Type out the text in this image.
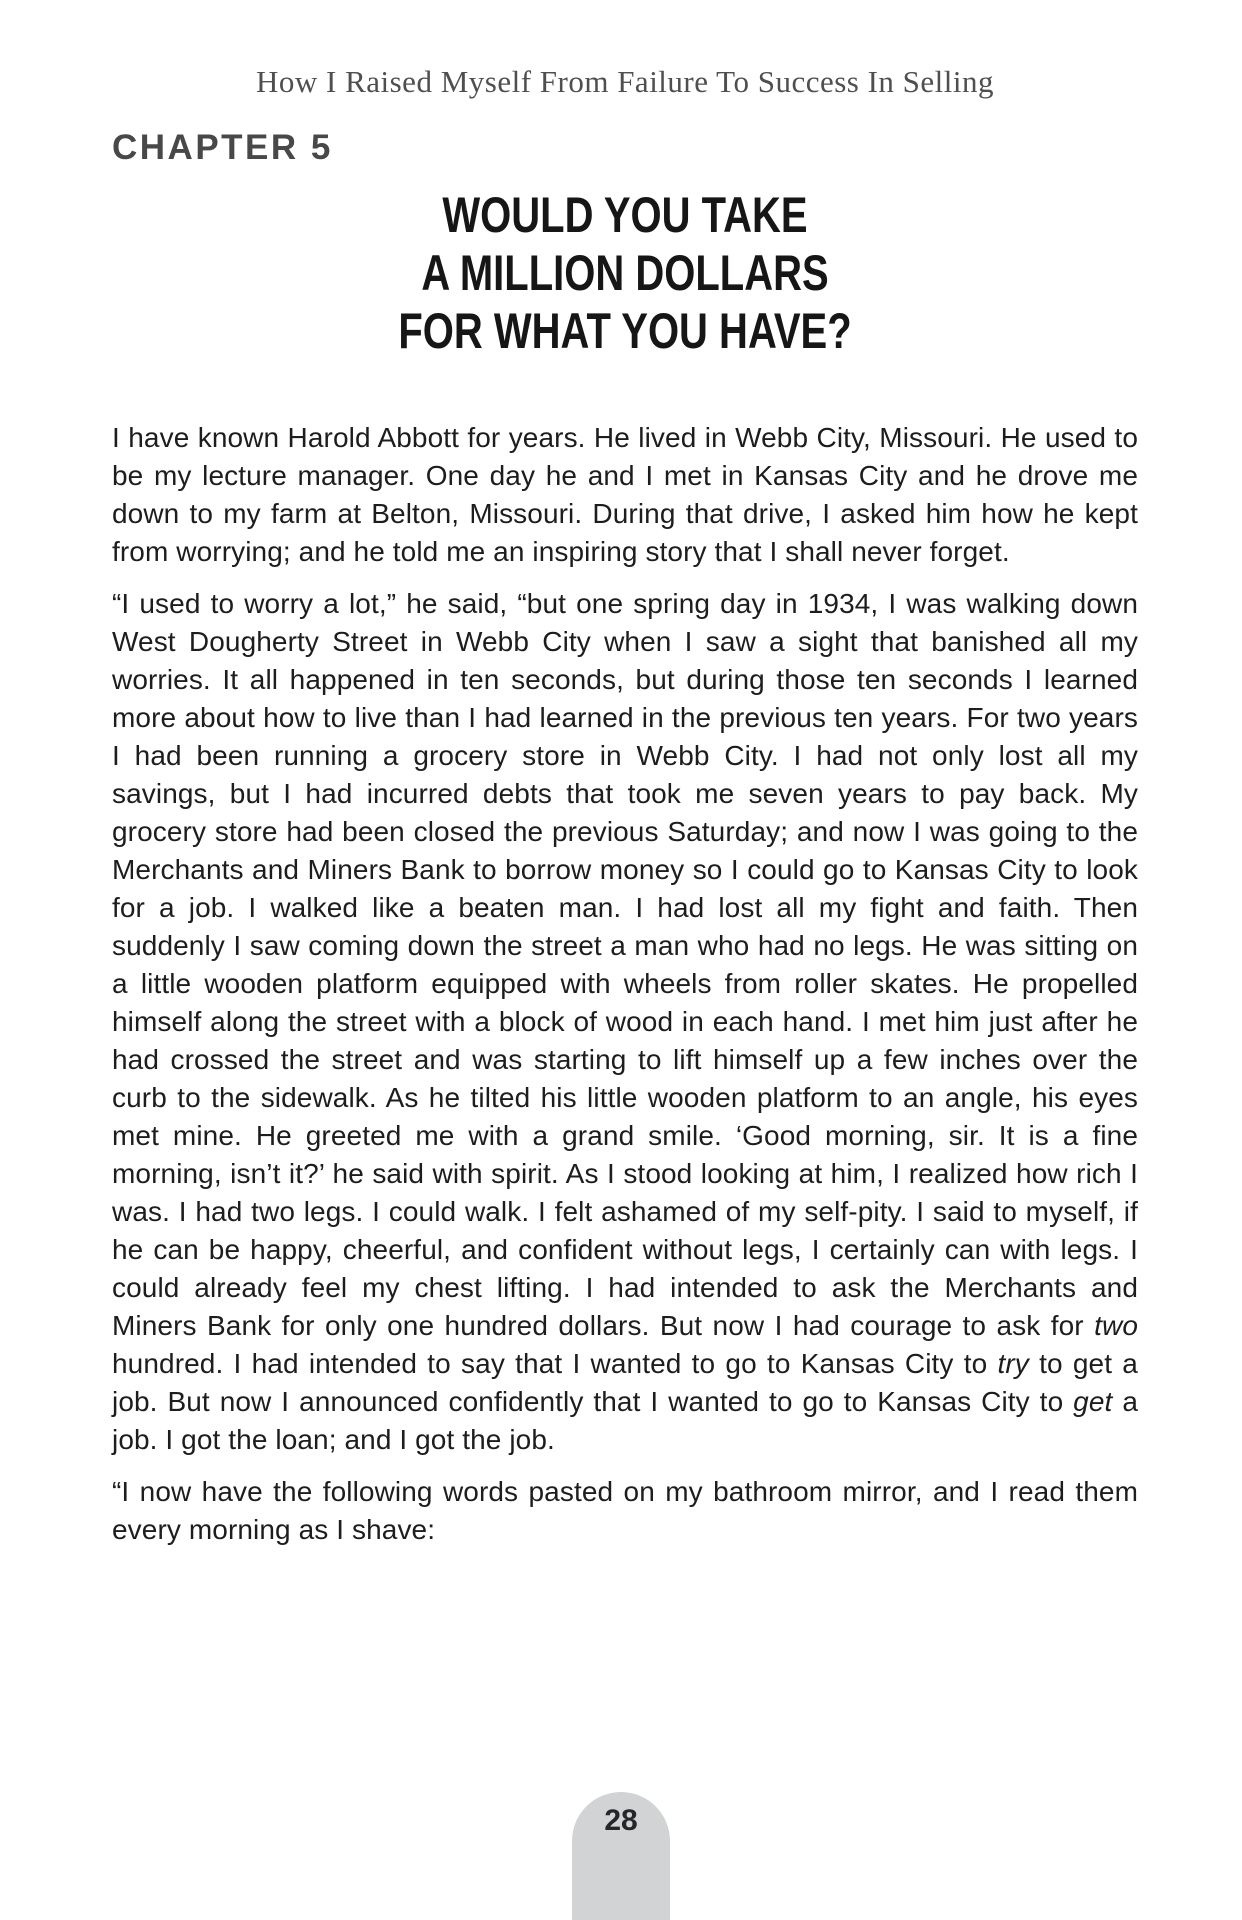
How I Raised Myself From Failure To Success In Selling
CHAPTER 5
WOULD YOU TAKE
A MILLION DOLLARS
FOR WHAT YOU HAVE?

I have known Harold Abbott for years. He lived in Webb City, Missouri. He used to be my lecture manager. One day he and I met in Kansas City and he drove me down to my farm at Belton, Missouri. During that drive, I asked him how he kept from worrying; and he told me an inspiring story that I shall never forget.

“I used to worry a lot,” he said, “but one spring day in 1934, I was walking down West Dougherty Street in Webb City when I saw a sight that banished all my worries. It all happened in ten seconds, but during those ten seconds I learned more about how to live than I had learned in the previous ten years. For two years I had been running a grocery store in Webb City. I had not only lost all my savings, but I had incurred debts that took me seven years to pay back. My grocery store had been closed the previous Saturday; and now I was going to the Merchants and Miners Bank to borrow money so I could go to Kansas City to look for a job. I walked like a beaten man. I had lost all my fight and faith. Then suddenly I saw coming down the street a man who had no legs. He was sitting on a little wooden platform equipped with wheels from roller skates. He propelled himself along the street with a block of wood in each hand. I met him just after he had crossed the street and was starting to lift himself up a few inches over the curb to the sidewalk. As he tilted his little wooden platform to an angle, his eyes met mine. He greeted me with a grand smile. ‘Good morning, sir. It is a fine morning, isn’t it?’ he said with spirit. As I stood looking at him, I realized how rich I was. I had two legs. I could walk. I felt ashamed of my self-pity. I said to myself, if he can be happy, cheerful, and confident without legs, I certainly can with legs. I could already feel my chest lifting. I had intended to ask the Merchants and Miners Bank for only one hundred dollars. But now I had courage to ask for two hundred. I had intended to say that I wanted to go to Kansas City to try to get a job. But now I announced confidently that I wanted to go to Kansas City to get a job. I got the loan; and I got the job.

“I now have the following words pasted on my bathroom mirror, and I read them every morning as I shave:

28
